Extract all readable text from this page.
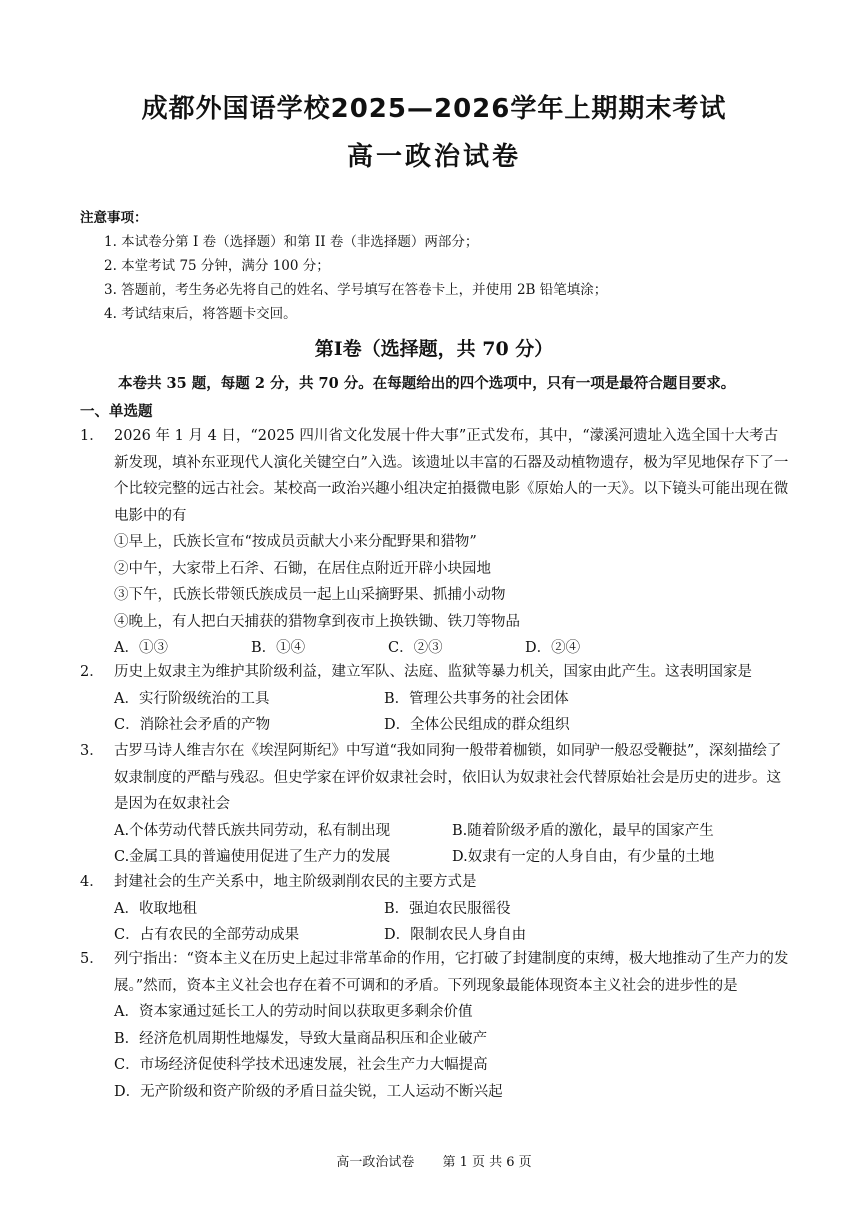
成都外国语学校2025—2026学年上期期末考试
高一政治试卷
注意事项：
1. 本试卷分第 I 卷（选择题）和第 II 卷（非选择题）两部分；
2. 本堂考试 75 分钟，满分 100 分；
3. 答题前，考生务必先将自己的姓名、学号填写在答卷卡上，并使用 2B 铅笔填涂；
4. 考试结束后，将答题卡交回。
第Ⅰ卷（选择题，共 70 分）
本卷共 35 题，每题 2 分，共 70 分。在每题给出的四个选项中，只有一项是最符合题目要求。
一、单选题
1． 2026 年 1 月 4 日，“2025 四川省文化发展十件大事”正式发布，其中，“濛溪河遗址入选全国十大考古新发现，填补东亚现代人演化关键空白”入选。该遗址以丰富的石器及动植物遗存，极为罕见地保存下了一个比较完整的远古社会。某校高一政治兴趣小组决定拍摄微电影《原始人的一天》。以下镜头可能出现在微电影中的有
①早上，氏族长宣布“按成员贡献大小来分配野果和猎物”
②中午，大家带上石斧、石锄，在居住点附近开辟小块园地
③下午，氏族长带领氏族成员一起上山采摘野果、抓捕小动物
④晚上，有人把白天捕获的猎物拿到夜市上换铁锄、铁刀等物品
A．①③	B．①④	C．②③	D．②④
2． 历史上奴隶主为维护其阶级利益，建立军队、法庭、监狱等暴力机关，国家由此产生。这表明国家是
A．实行阶级统治的工具	B．管理公共事务的社会团体
C．消除社会矛盾的产物	D．全体公民组成的群众组织
3． 古罗马诗人维吉尔在《埃涅阿斯纪》中写道“我如同狗一般带着枷锁，如同驴一般忍受鞭挞”，深刻描绘了奴隶制度的严酷与残忍。但史学家在评价奴隶社会时，依旧认为奴隶社会代替原始社会是历史的进步。这是因为在奴隶社会
A.个体劳动代替氏族共同劳动，私有制出现	B.随着阶级矛盾的激化，最早的国家产生
C.金属工具的普遍使用促进了生产力的发展	D.奴隶有一定的人身自由，有少量的土地
4． 封建社会的生产关系中，地主阶级剥削农民的主要方式是
A．收取地租	B．强迫农民服徭役
C．占有农民的全部劳动成果	D．限制农民人身自由
5． 列宁指出：“资本主义在历史上起过非常革命的作用，它打破了封建制度的束缚，极大地推动了生产力的发展。”然而，资本主义社会也存在着不可调和的矛盾。下列现象最能体现资本主义社会的进步性的是
A．资本家通过延长工人的劳动时间以获取更多剩余价值
B．经济危机周期性地爆发，导致大量商品积压和企业破产
C．市场经济促使科学技术迅速发展，社会生产力大幅提高
D．无产阶级和资产阶级的矛盾日益尖锐，工人运动不断兴起
高一政治试卷 第 1 页 共 6 页
